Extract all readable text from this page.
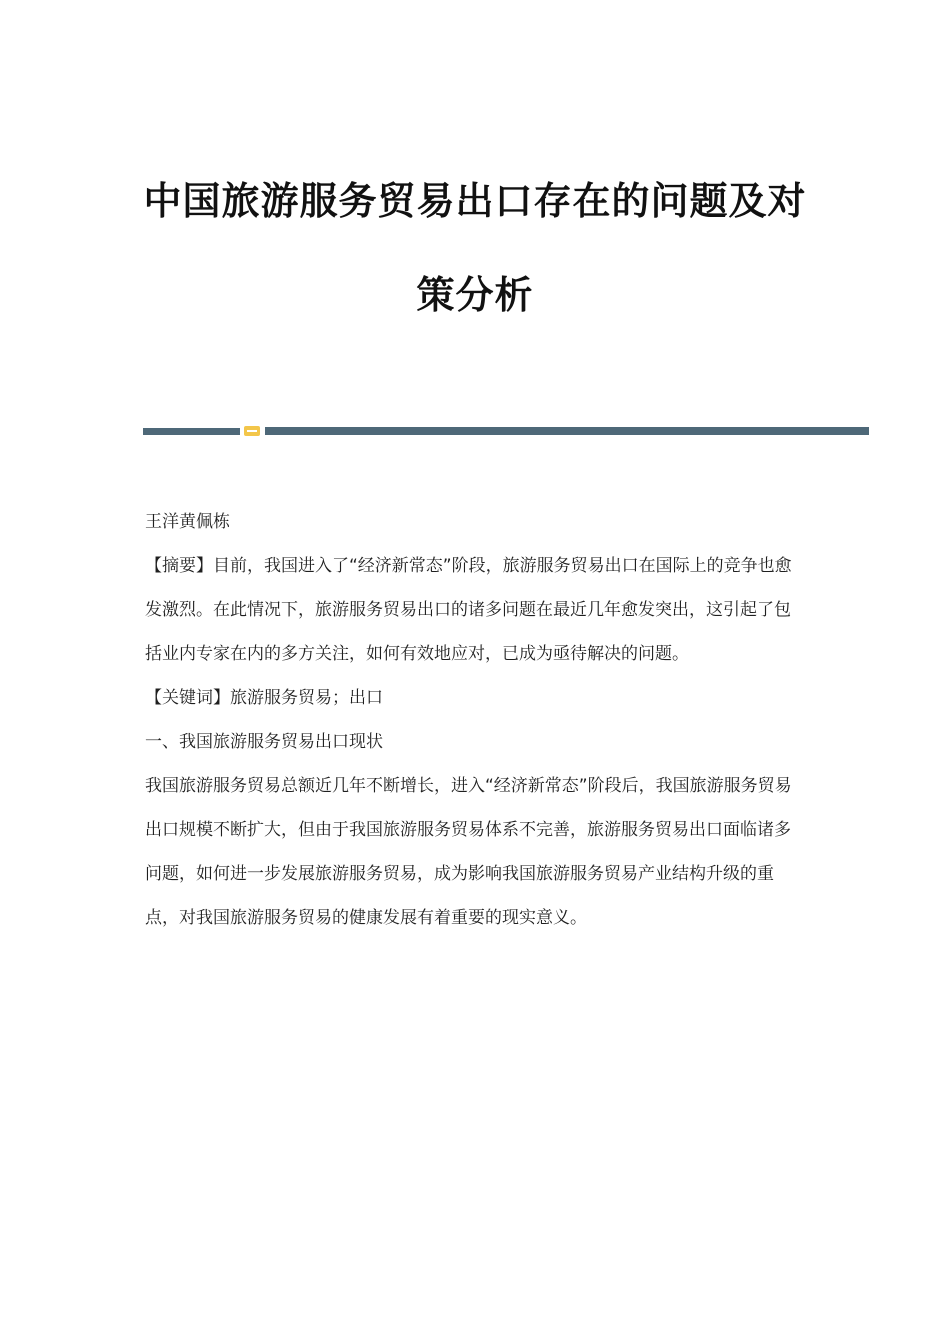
中国旅游服务贸易出口存在的问题及对
策分析

王洋黄佩栋

【摘要】目前，我国进入了“经济新常态”阶段，旅游服务贸易出口在国际上的竞争也愈发激烈。在此情况下，旅游服务贸易出口的诸多问题在最近几年愈发突出，这引起了包括业内专家在内的多方关注，如何有效地应对，已成为亟待解决的问题。

【关键词】旅游服务贸易；出口

一、我国旅游服务贸易出口现状

我国旅游服务贸易总额近几年不断增长，进入“经济新常态”阶段后，我国旅游服务贸易出口规模不断扩大，但由于我国旅游服务贸易体系不完善，旅游服务贸易出口面临诸多问题，如何进一步发展旅游服务贸易，成为影响我国旅游服务贸易产业结构升级的重点，对我国旅游服务贸易的健康发展有着重要的现实意义。
